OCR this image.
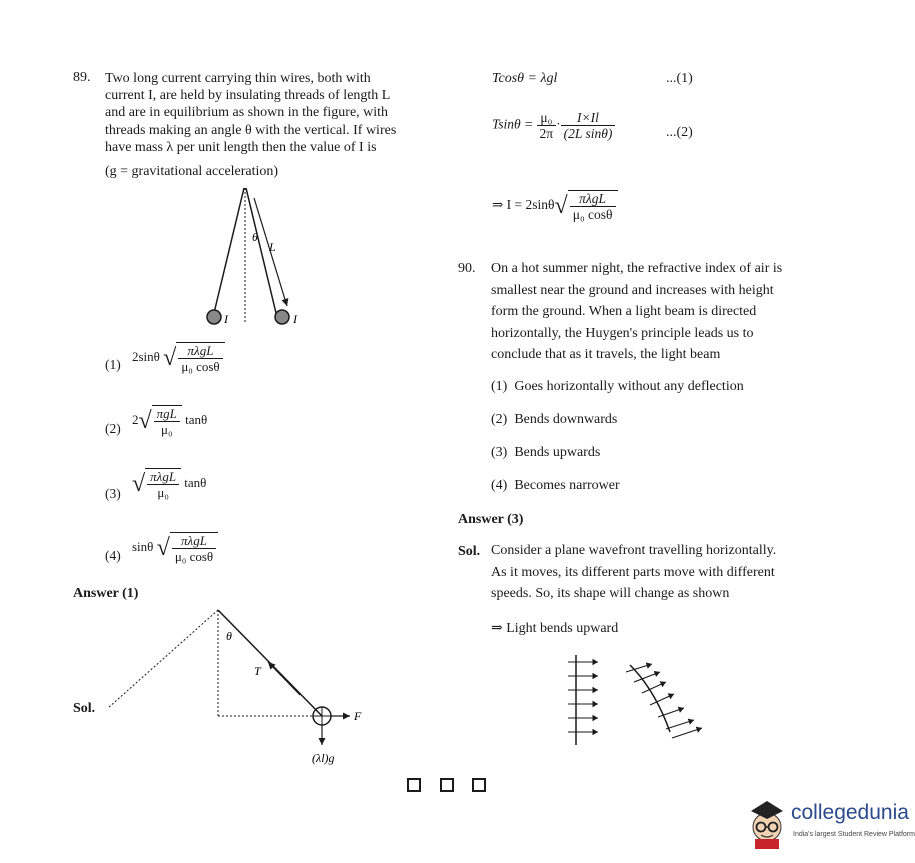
89. Two long current carrying thin wires, both with
current I, are held by insulating threads of length L
and are in equilibrium as shown in the figure, with
threads making an angle θ with the vertical. If wires
have mass λ per unit length then the value of I is
(g = gravitational acceleration)
θ
L
I	I
(1)
2sinθ √ $\frac{\text{πλgL}}{\text{μ₀ cosθ}}$
(2)
$2√ \frac{\text{πgL}}{\text{μ₀}}$ tanθ
(3) √ $\frac{\text{πλgL}}{\text{μ₀}}$ tanθ
(4)
sinθ √ $\frac{\text{πλgL}}{\text{μ₀ cosθ}}$
Answer (1)
Sol.
θ
T
F
(λl)g
Tcosθ = λgl	...(1)
$Tsin\theta = \frac{\text{μ₀}}{2\pi} \cdot \frac{I\times Il}{\text{(2L sinθ)}}$	...(2)
⇒ $I = 2\sin\theta√ \frac{\text{πλgL}}{\text{μ₀ cosθ}}$
90. On a hot summer night, the refractive index of air is
smallest near the ground and increases with height
form the ground. When a light beam is directed
horizontally, the Huygen's principle leads us to
conclude that as it travels, the light beam
(1) Goes horizontally without any deflection
(2) Bends downwards
(3) Bends upwards
(4) Becomes narrower
Answer (3)
Sol. Consider a plane wavefront travelling horizontally.
As it moves, its different parts move with different
speeds. So, its shape will change as shown
⇒ Light bends upward
collegedunia
India's largest Student Review Platform
